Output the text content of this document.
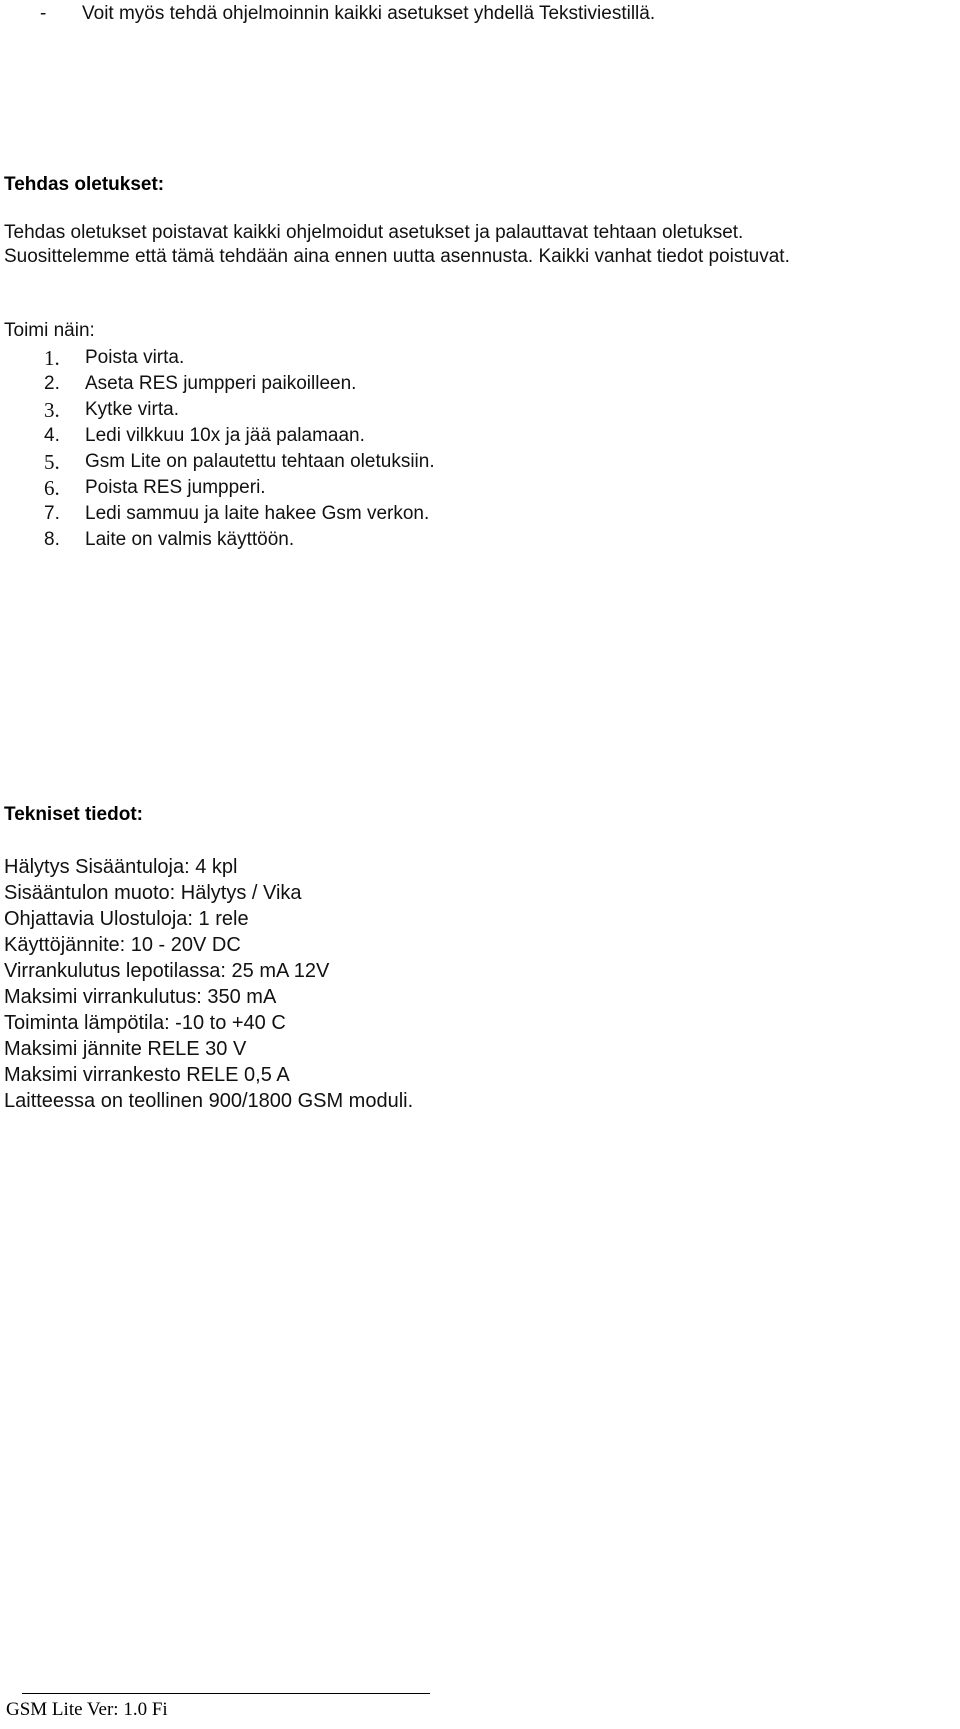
- Voit myös tehdä ohjelmoinnin kaikki asetukset yhdellä Tekstiviestillä.
Tehdas oletukset:
Tehdas oletukset poistavat kaikki ohjelmoidut asetukset ja palauttavat tehtaan oletukset.
Suosittelemme että tämä tehdään aina ennen uutta asennusta. Kaikki vanhat tiedot poistuvat.
Toimi näin:
1.	Poista virta.
2.	Aseta RES jumpperi paikoilleen.
3.	Kytke virta.
4.	Ledi vilkkuu 10x ja jää palamaan.
5.	Gsm Lite on palautettu tehtaan oletuksiin.
6.	Poista RES jumpperi.
7.	Ledi sammuu ja laite hakee Gsm verkon.
8.	Laite on valmis käyttöön.
Tekniset tiedot:
Hälytys Sisääntuloja: 4 kpl
Sisääntulon muoto: Hälytys / Vika
Ohjattavia Ulostuloja: 1 rele
Käyttöjännite: 10 - 20V DC
Virrankulutus lepotilassa: 25 mA 12V
Maksimi virrankulutus: 350 mA
Toiminta lämpötila: -10 to +40 C
Maksimi jännite RELE 30 V
Maksimi virrankesto RELE 0,5 A
Laitteessa on teollinen 900/1800 GSM moduli.
GSM Lite Ver: 1.0 Fi
